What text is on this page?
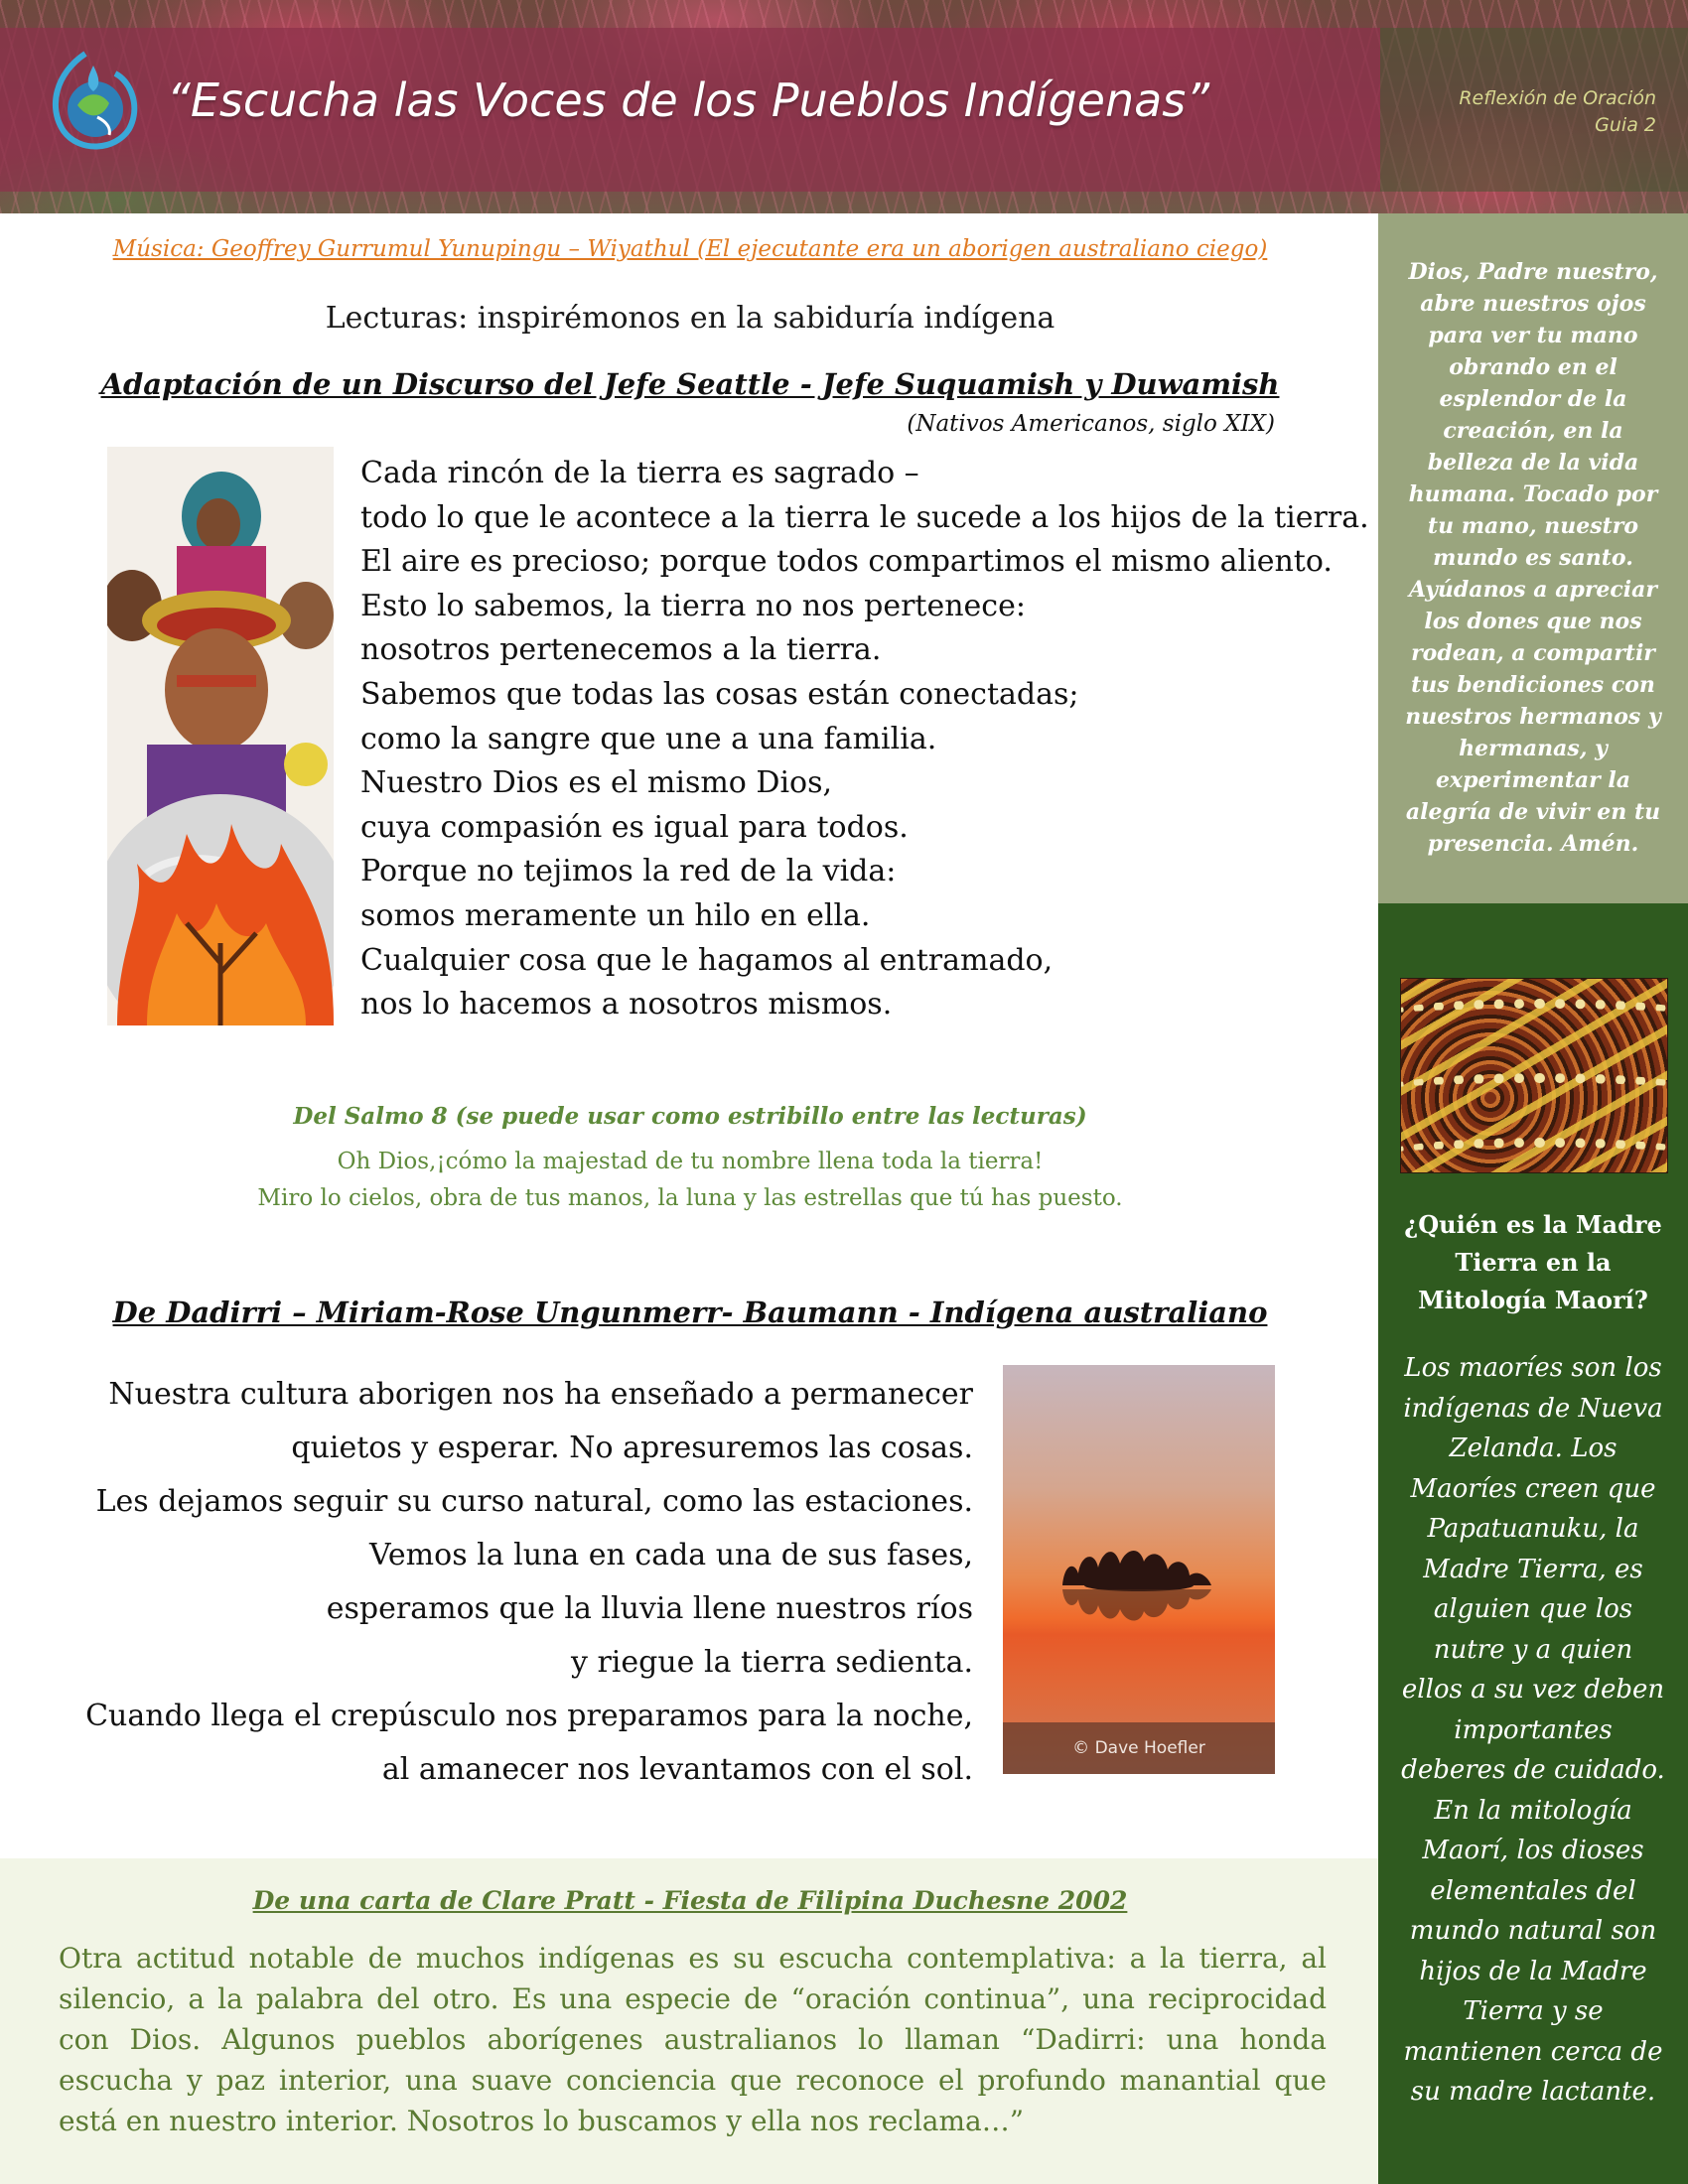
“Escucha las Voces de los Pueblos Indígenas”	Reflexión de Oración
Guia 2
Dios, Padre nuestro, abre nuestros ojos para ver tu mano obrando en el esplendor de la creación, en la belleza de la vida humana. Tocado por tu mano, nuestro mundo es santo. Ayúdanos a apreciar los dones que nos rodean, a compartir tus bendiciones con nuestros hermanos y hermanas, y experimentar la alegría de vivir en tu presencia. Amén.
¿Quién es la Madre Tierra en la Mitología Maorí?
Los maoríes son los indígenas de Nueva Zelanda. Los Maoríes creen que Papatuanuku, la Madre Tierra, es alguien que los nutre y a quien ellos a su vez deben importantes deberes de cuidado. En la mitología Maorí, los dioses elementales del mundo natural son hijos de la Madre Tierra y se mantienen cerca de su madre lactante.
Música: Geoffrey Gurrumul Yunupingu – Wiyathul (El ejecutante era un aborigen australiano ciego)
Lecturas: inspirémonos en la sabiduría indígena
Adaptación de un Discurso del Jefe Seattle - Jefe Suquamish y Duwamish
(Nativos Americanos, siglo XIX)
Cada rincón de la tierra es sagrado –
todo lo que le acontece a la tierra le sucede a los hijos de la tierra.
El aire es precioso; porque todos compartimos el mismo aliento.
Esto lo sabemos, la tierra no nos pertenece:
nosotros pertenecemos a la tierra.
Sabemos que todas las cosas están conectadas;
como la sangre que une a una familia.
Nuestro Dios es el mismo Dios,
cuya compasión es igual para todos.
Porque no tejimos la red de la vida:
somos meramente un hilo en ella.
Cualquier cosa que le hagamos al entramado,
nos lo hacemos a nosotros mismos.
Del Salmo 8 (se puede usar como estribillo entre las lecturas)
Oh Dios,¡cómo la majestad de tu nombre llena toda la tierra!
Miro lo cielos, obra de tus manos, la luna y las estrellas que tú has puesto.
De Dadirri – Miriam-Rose Ungunmerr- Baumann - Indígena australiano
Nuestra cultura aborigen nos ha enseñado a permanecer
quietos y esperar. No apresuremos las cosas.
Les dejamos seguir su curso natural, como las estaciones.
Vemos la luna en cada una de sus fases,
esperamos que la lluvia llene nuestros ríos
y riegue la tierra sedienta.
Cuando llega el crepúsculo nos preparamos para la noche,
al amanecer nos levantamos con el sol.
© Dave Hoefler
De una carta de Clare Pratt - Fiesta de Filipina Duchesne 2002
Otra actitud notable de muchos indígenas es su escucha contemplativa: a la tierra, al silencio, a la palabra del otro. Es una especie de “oración continua”, una reciprocidad con Dios. Algunos pueblos aborígenes australianos lo llaman “Dadirri: una honda escucha y paz interior, una suave conciencia que reconoce el profundo manantial que está en nuestro interior. Nosotros lo buscamos y ella nos reclama…”
